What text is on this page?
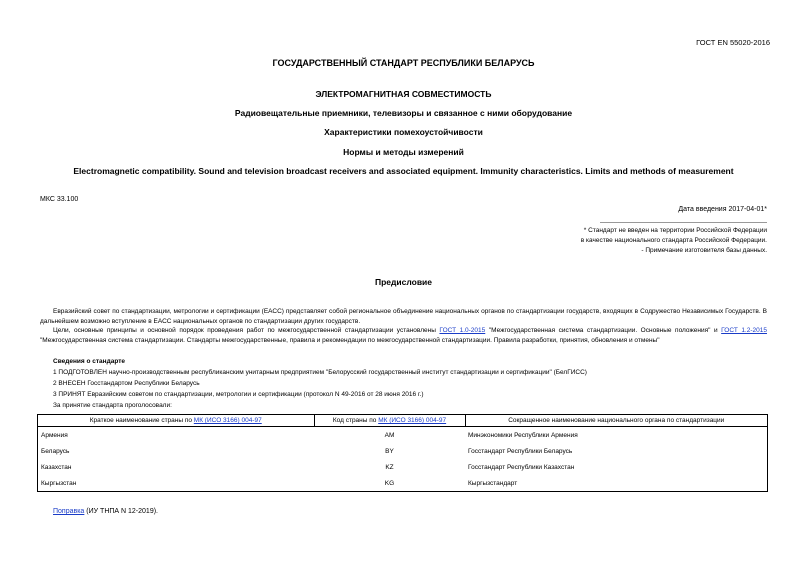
ГОСТ EN 55020-2016
ГОСУДАРСТВЕННЫЙ СТАНДАРТ РЕСПУБЛИКИ БЕЛАРУСЬ
ЭЛЕКТРОМАГНИТНАЯ СОВМЕСТИМОСТЬ
Радиовещательные приемники, телевизоры и связанное с ними оборудование
Характеристики помехоустойчивости
Нормы и методы измерений
Electromagnetic compatibility. Sound and television broadcast receivers and associated equipment. Immunity characteristics. Limits and methods of measurement
МКС 33.100
Дата введения 2017-04-01*
* Стандарт не введен на территории Российской Федерации
в качестве национального стандарта Российской Федерации.
- Примечание изготовителя базы данных.
Предисловие
Евразийский совет по стандартизации, метрологии и сертификации (ЕАСС) представляет собой региональное объединение национальных органов по стандартизации государств, входящих в Содружество Независимых Государств. В дальнейшем возможно вступление в ЕАСС национальных органов по стандартизации других государств.
Цели, основные принципы и основной порядок проведения работ по межгосударственной стандартизации установлены ГОСТ 1.0-2015 "Межгосударственная система стандартизации. Основные положения" и ГОСТ 1.2-2015 "Межгосударственная система стандартизации. Стандарты межгосударственные, правила и рекомендации по межгосударственной стандартизации. Правила разработки, принятия, обновления и отмены"
Сведения о стандарте
1 ПОДГОТОВЛЕН научно-производственным республиканским унитарным предприятием "Белорусский государственный институт стандартизации и сертификации" (БелГИСС)
2 ВНЕСЕН Госстандартом Республики Беларусь
3 ПРИНЯТ Евразийским советом по стандартизации, метрологии и сертификации (протокол N 49-2016 от 28 июня 2016 г.)
За принятие стандарта проголосовали:
Краткое наименование страны по МК (ИСО 3166) 004-97	Код страны по МК (ИСО 3166) 004-97	Сокращенное наименование национального органа по стандартизации
Армения	AM	Минэкономики Республики Армения
Беларусь	BY	Госстандарт Республики Беларусь
Казахстан	KZ	Госстандарт Республики Казахстан
Кыргызстан	KG	Кыргызстандарт
Поправка (ИУ ТНПА N 12-2019).
